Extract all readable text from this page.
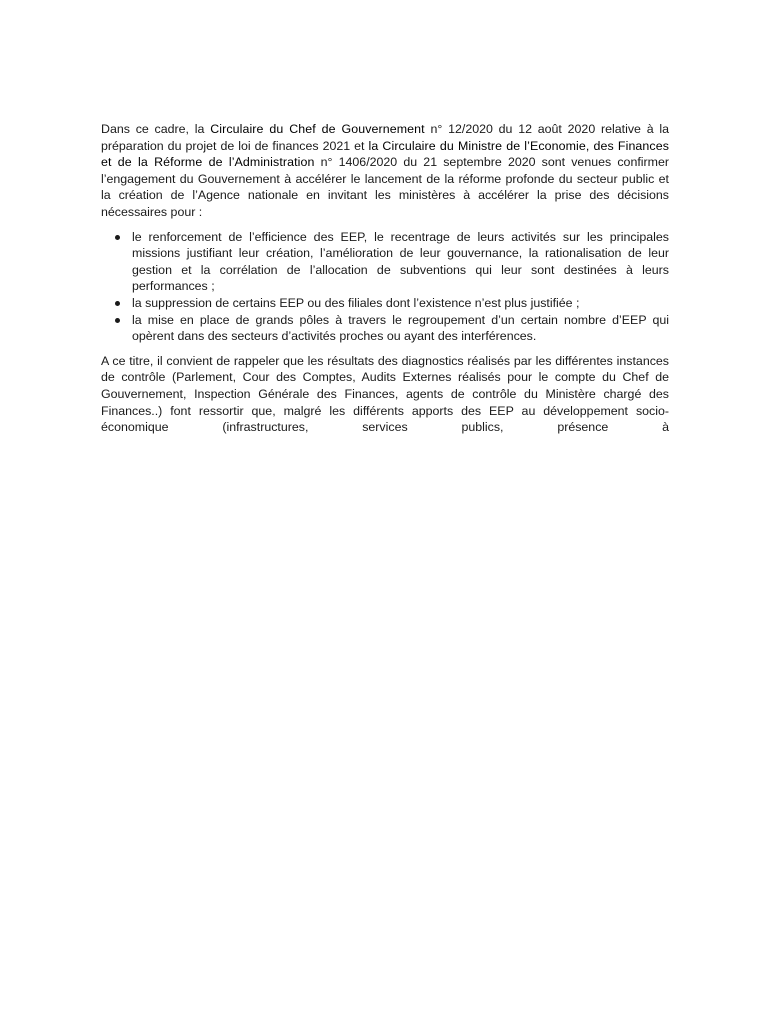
Dans ce cadre, la Circulaire du Chef de Gouvernement n° 12/2020 du 12 août 2020 relative à la préparation du projet de loi de finances 2021 et la Circulaire du Ministre de l’Economie, des Finances et de la Réforme de l’Administration n° 1406/2020 du 21 septembre 2020 sont venues confirmer l’engagement du Gouvernement à accélérer le lancement de la réforme profonde du secteur public et la création de l’Agence nationale en invitant les ministères à accélérer la prise des décisions nécessaires pour :

le renforcement de l’efficience des EEP, le recentrage de leurs activités sur les principales missions justifiant leur création, l’amélioration de leur gouvernance, la rationalisation de leur gestion et la corrélation de l’allocation de subventions qui leur sont destinées à leurs performances ;
la suppression de certains EEP ou des filiales dont l’existence n’est plus justifiée ;
la mise en place de grands pôles à travers le regroupement d’un certain nombre d’EEP qui opèrent dans des secteurs d’activités proches ou ayant des interférences.

A ce titre, il convient de rappeler que les résultats des diagnostics réalisés par les différentes instances de contrôle (Parlement, Cour des Comptes, Audits Externes réalisés pour le compte du Chef de Gouvernement, Inspection Générale des Finances, agents de contrôle du Ministère chargé des Finances..) font ressortir que, malgré les différents apports des EEP au développement socio-économique (infrastructures, services publics, présence à
